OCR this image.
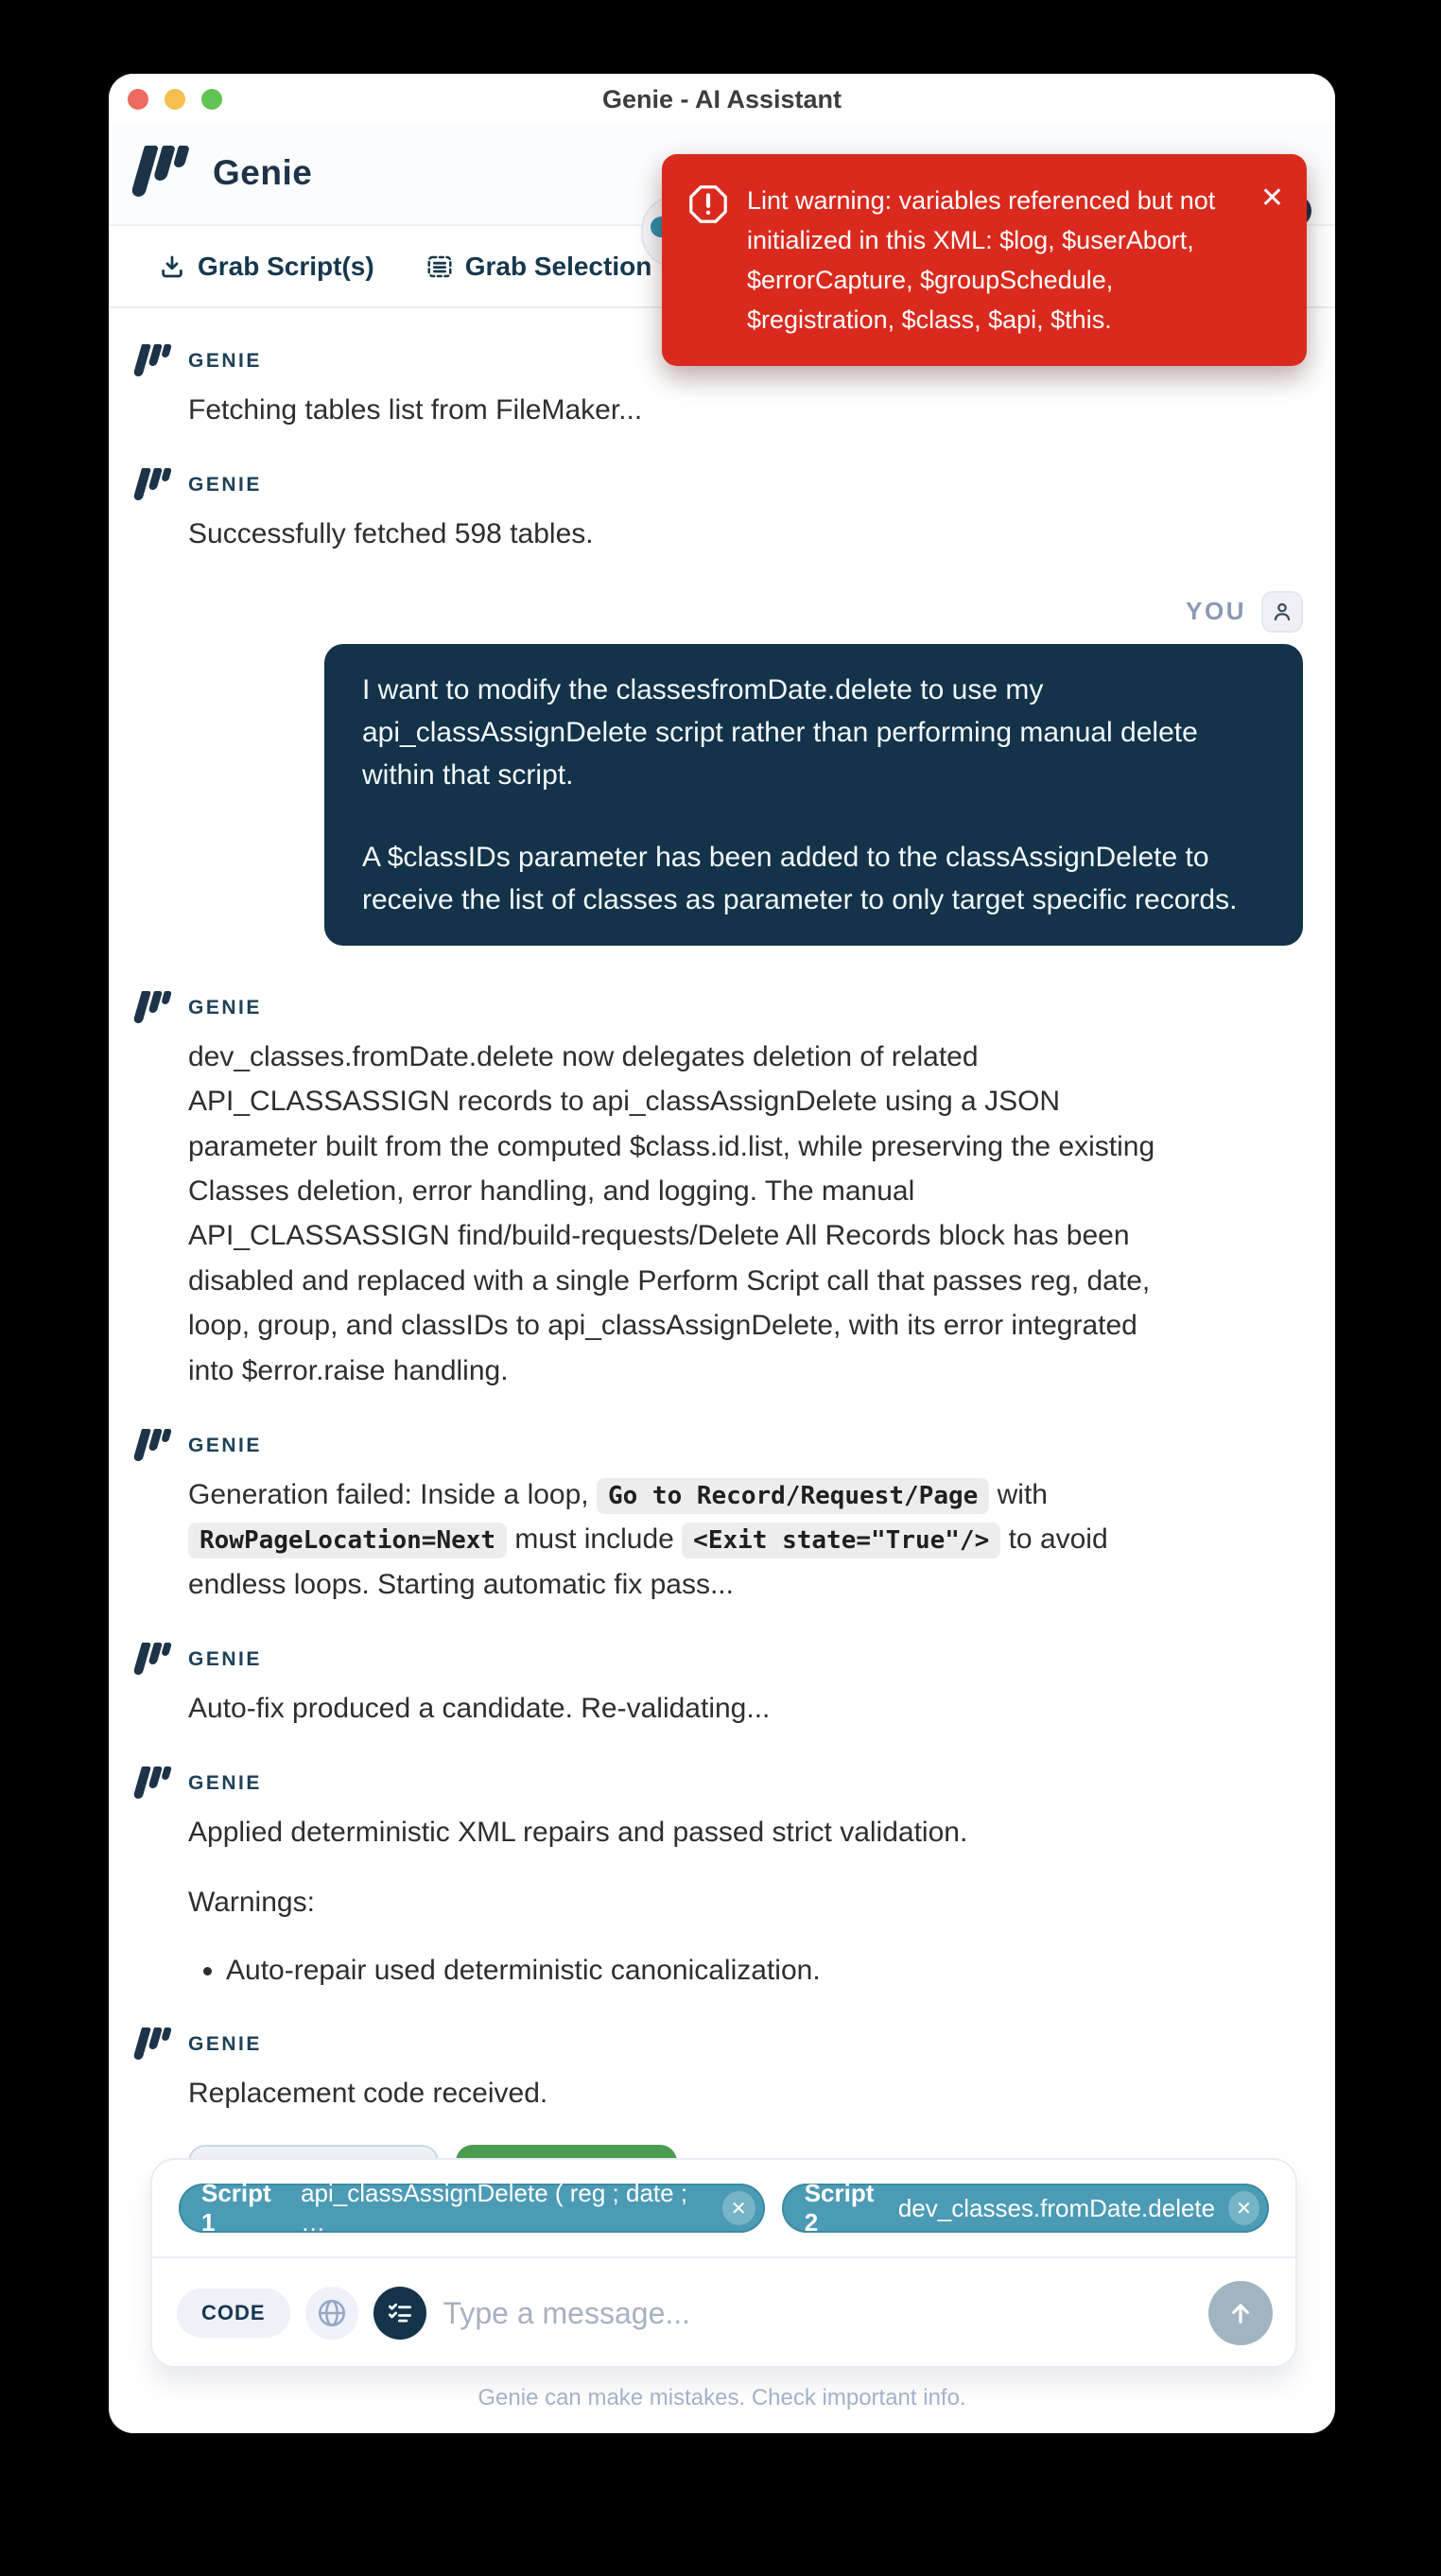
Genie - AI Assistant
Genie
Grab Script(s)	Grab Selection
Lint warning: variables referenced but not initialized in this XML: $log, $userAbort, $errorCapture, $groupSchedule, $registration, $class, $api, $this.
✕
GENIE

Fetching tables list from FileMaker...

GENIE

Successfully fetched 598 tables.

YOU

I want to modify the classesfromDate.delete to use my api_classAssignDelete script rather than performing manual delete within that script.

A $classIDs parameter has been added to the classAssignDelete to receive the list of classes as parameter to only target specific records.

GENIE

dev_classes.fromDate.delete now delegates deletion of related API_CLASSASSIGN records to api_classAssignDelete using a JSON parameter built from the computed $class.id.list, while preserving the existing Classes deletion, error handling, and logging. The manual API_CLASSASSIGN find/build-requests/Delete All Records block has been disabled and replaced with a single Perform Script call that passes reg, date, loop, group, and classIDs to api_classAssignDelete, with its error integrated into $error.raise handling.

GENIE

Generation failed: Inside a loop, Go to Record/Request/Page with RowPageLocation=Next must include <Exit state="True"/> to avoid endless loops. Starting automatic fix pass...

GENIE

Auto-fix produced a candidate. Re-validating...

GENIE

Applied deterministic XML repairs and passed strict validation.

Warnings:

• Auto-repair used deterministic canonicalization.
GENIE

Replacement code received.

Script 1
api_classAssignDelete ( reg ; date ; …	✕
Script 2
dev_classes.fromDate.delete	✕
CODE
Type a message...
Genie can make mistakes. Check important info.
